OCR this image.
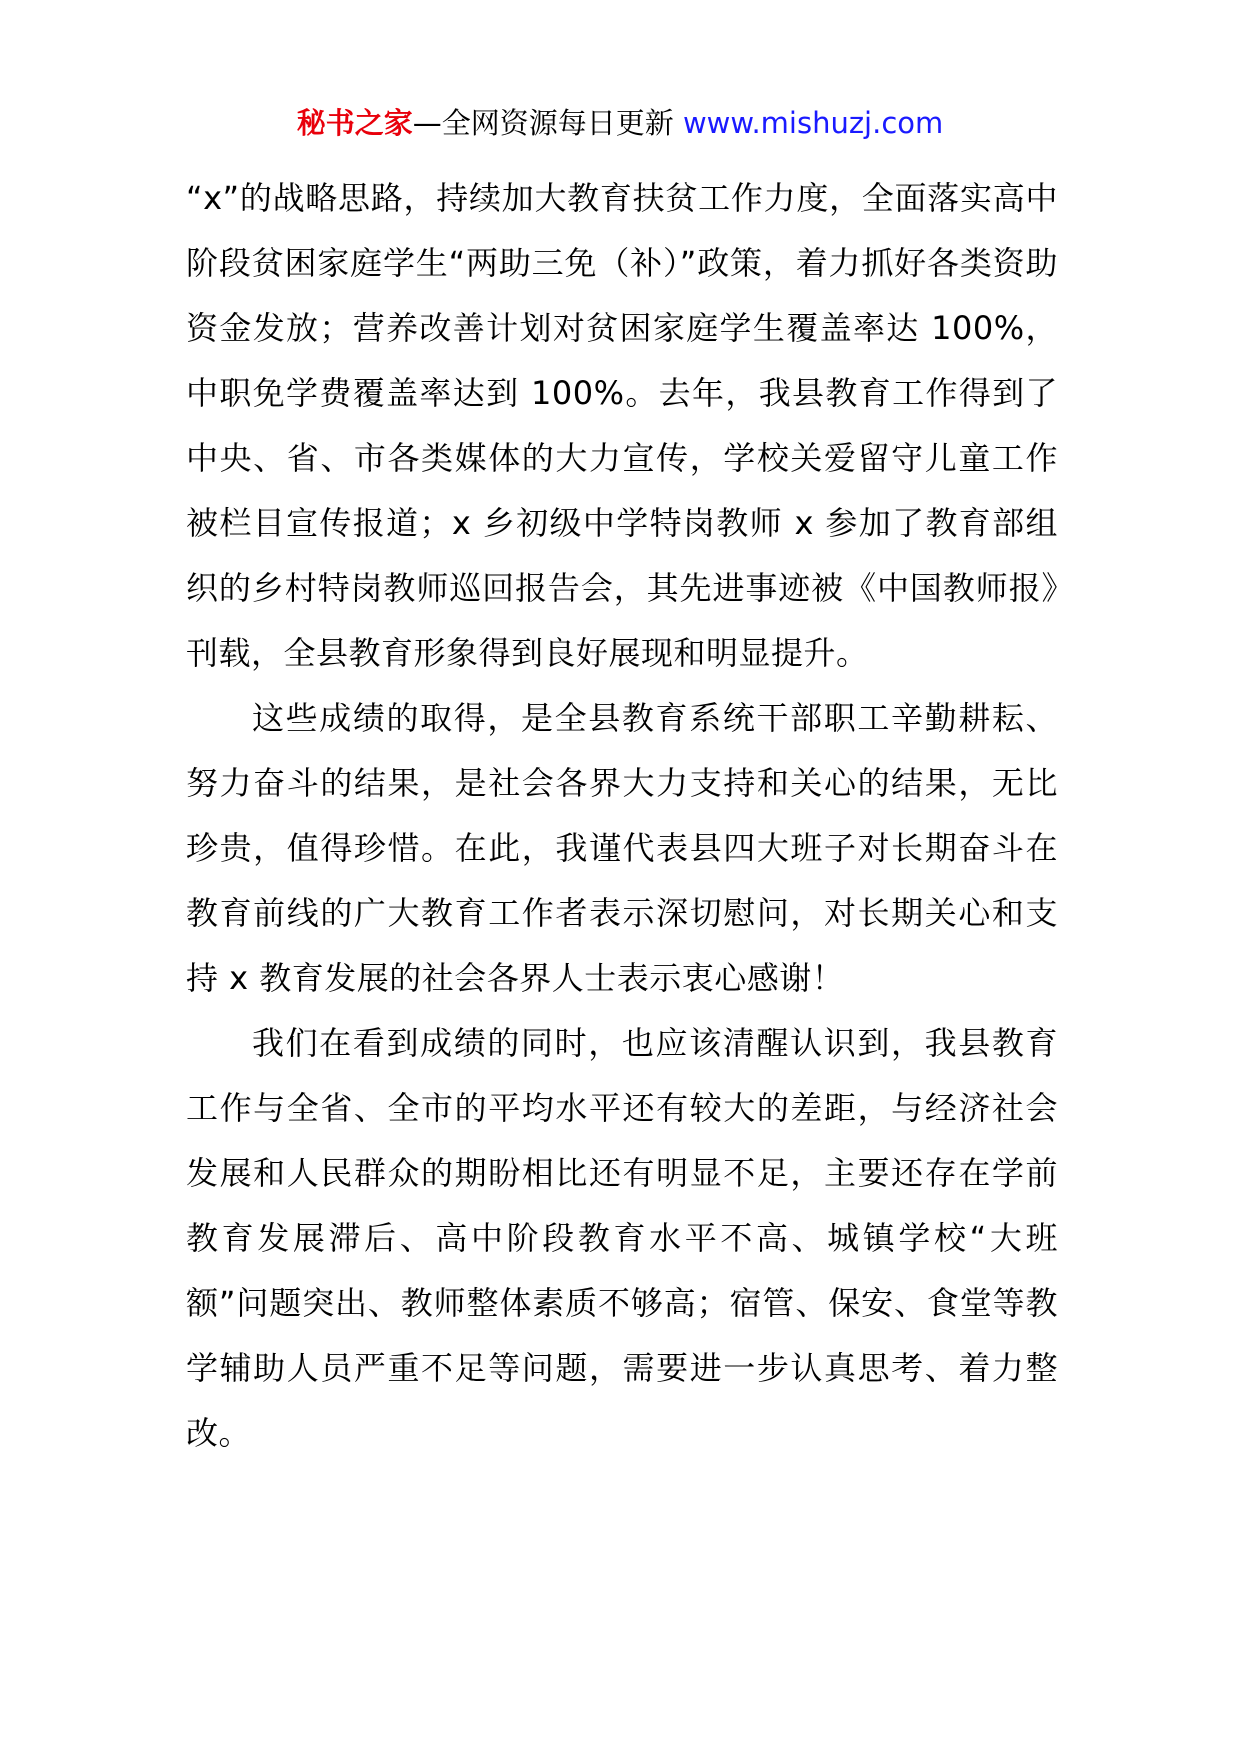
秘书之家—全网资源每日更新 www.mishuzj.com

“x”的战略思路，持续加大教育扶贫工作力度，全面落实高中阶段贫困家庭学生“两助三免（补）”政策，着力抓好各类资助资金发放；营养改善计划对贫困家庭学生覆盖率达 100%，中职免学费覆盖率达到 100%。去年，我县教育工作得到了中央、省、市各类媒体的大力宣传，学校关爱留守儿童工作被栏目宣传报道；x 乡初级中学特岗教师 x 参加了教育部组织的乡村特岗教师巡回报告会，其先进事迹被《中国教师报》刊载，全县教育形象得到良好展现和明显提升。

这些成绩的取得，是全县教育系统干部职工辛勤耕耘、努力奋斗的结果，是社会各界大力支持和关心的结果，无比珍贵，值得珍惜。在此，我谨代表县四大班子对长期奋斗在教育前线的广大教育工作者表示深切慰问，对长期关心和支持 x 教育发展的社会各界人士表示衷心感谢！

我们在看到成绩的同时，也应该清醒认识到，我县教育工作与全省、全市的平均水平还有较大的差距，与经济社会发展和人民群众的期盼相比还有明显不足，主要还存在学前教育发展滞后、高中阶段教育水平不高、城镇学校“大班额”问题突出、教师整体素质不够高；宿管、保安、食堂等教学辅助人员严重不足等问题，需要进一步认真思考、着力整改。
